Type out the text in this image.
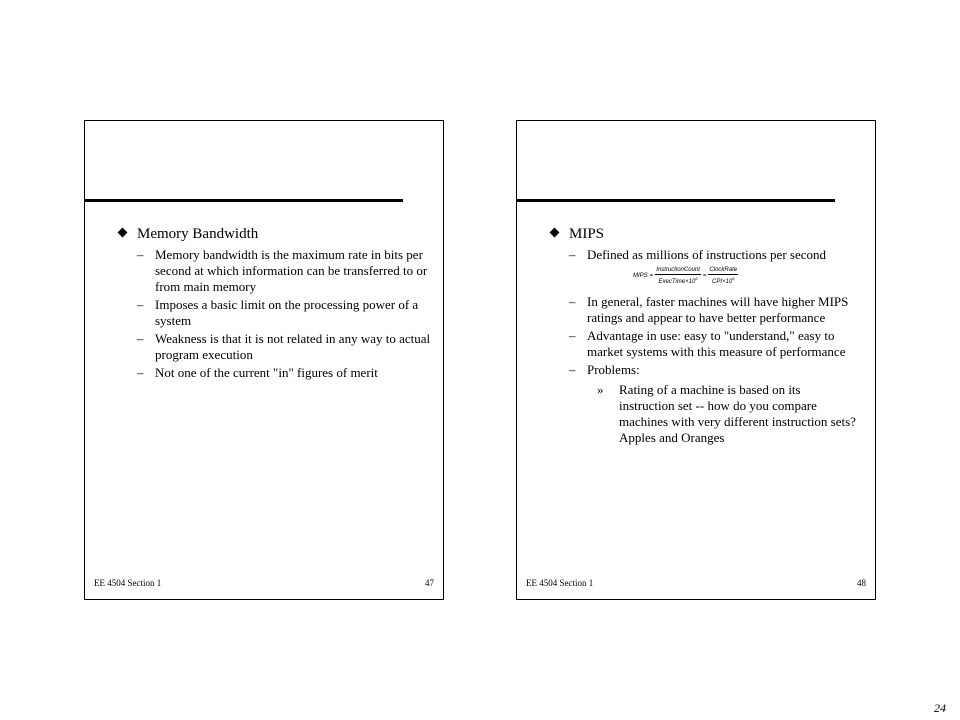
Memory Bandwidth
– Memory bandwidth is the maximum rate in bits per second at which information can be transferred to or from main memory
– Imposes a basic limit on the processing power of a system
– Weakness is that it is not related in any way to actual program execution
– Not one of the current "in" figures of merit
EE 4504 Section 1	47
MIPS
– Defined as millions of instructions per second
MIPS = $\frac{\text{InstructionCount}}{ExecTime\times 10^6} = \frac{\text{ClockRate}}{CPI\times 10^6}$
– In general, faster machines will have higher MIPS ratings and appear to have better performance
– Advantage in use: easy to "understand," easy to market systems with this measure of performance
– Problems:
» Rating of a machine is based on its instruction set -- how do you compare machines with very different instruction sets? Apples and Oranges
EE 4504 Section 1	48
24
